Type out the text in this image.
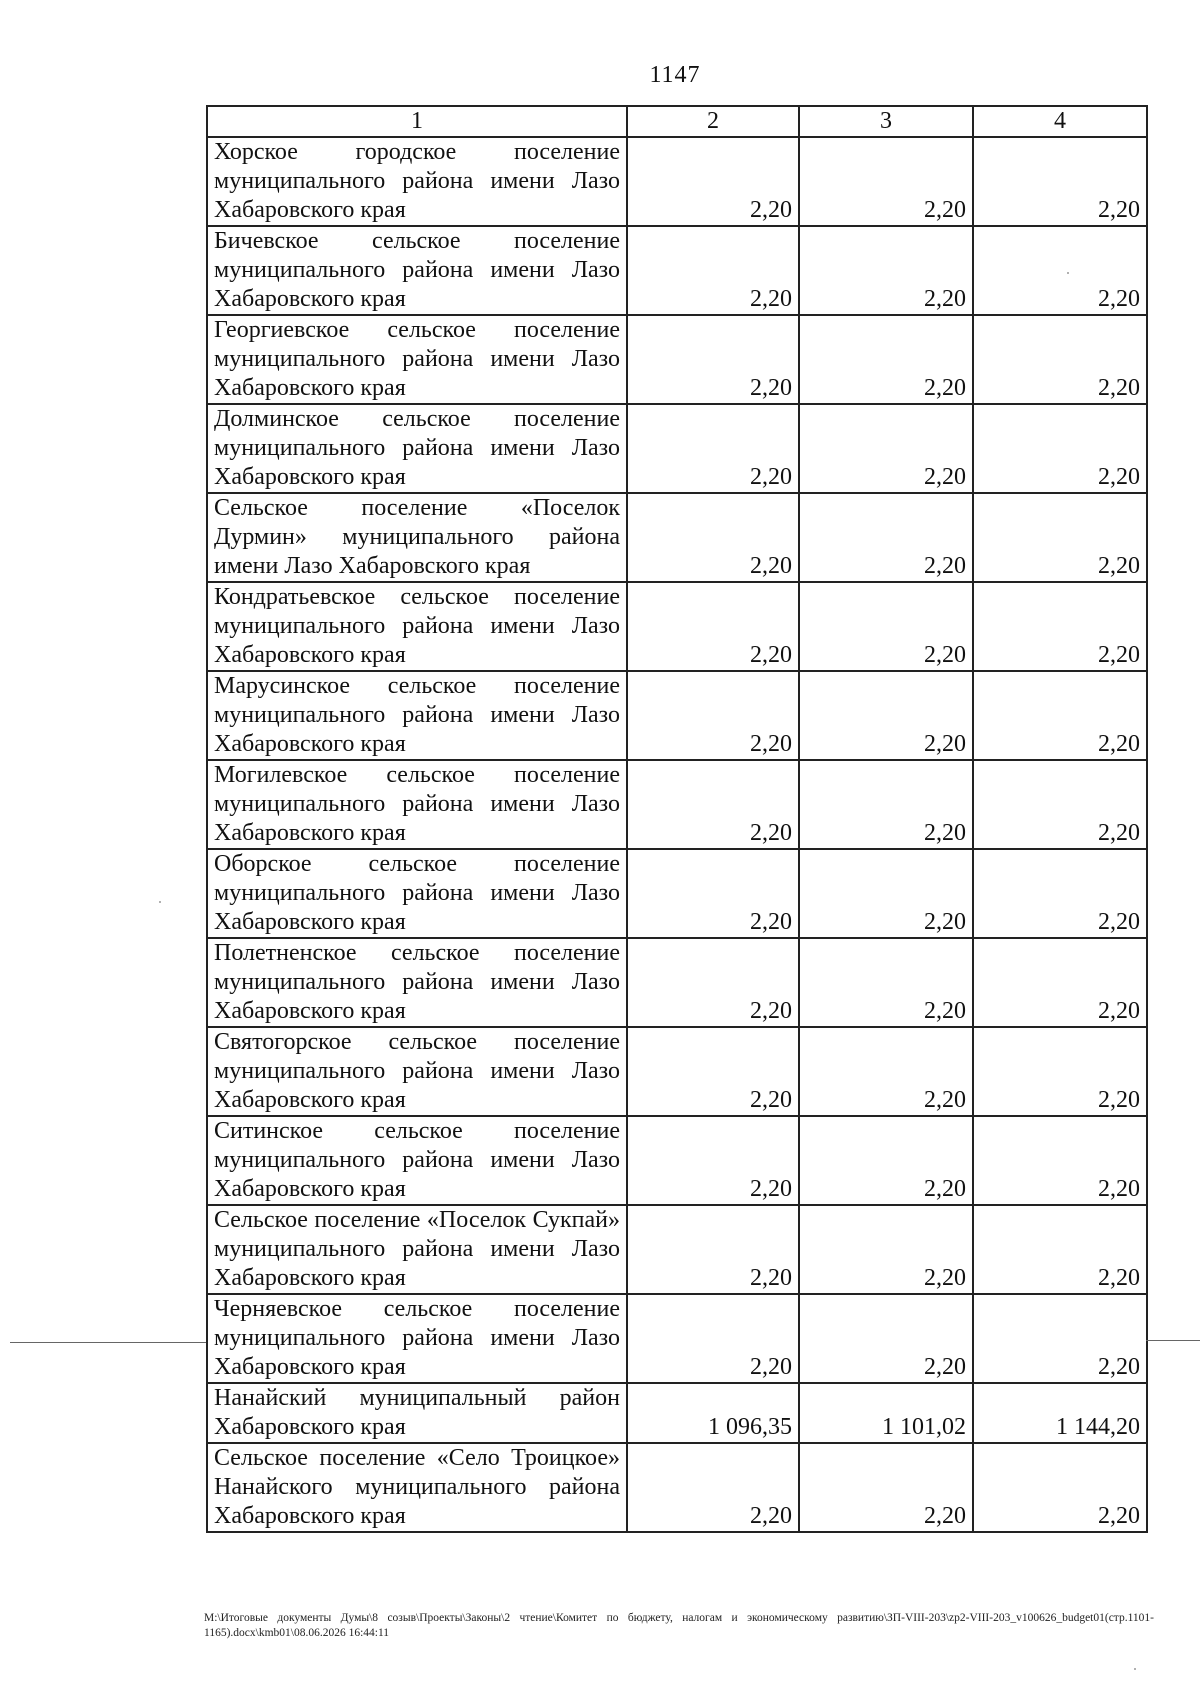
1147
1	2	3	4
Хорское городское поселение муниципального района имени Лазо Хабаровского края	2,20	2,20	2,20
Бичевское сельское поселение муниципального района имени Лазо Хабаровского края	2,20	2,20	2,20
Георгиевское сельское поселение муниципального района имени Лазо Хабаровского края	2,20	2,20	2,20
Долминское сельское поселение муниципального района имени Лазо Хабаровского края	2,20	2,20	2,20
Сельское поселение «Поселок Дурмин» муниципального района имени Лазо Хабаровского края	2,20	2,20	2,20
Кондратьевское сельское поселение муниципального района имени Лазо Хабаровского края	2,20	2,20	2,20
Марусинское сельское поселение муниципального района имени Лазо Хабаровского края	2,20	2,20	2,20
Могилевское сельское поселение муниципального района имени Лазо Хабаровского края	2,20	2,20	2,20
Оборское сельское поселение муниципального района имени Лазо Хабаровского края	2,20	2,20	2,20
Полетненское сельское поселение муниципального района имени Лазо Хабаровского края	2,20	2,20	2,20
Святогорское сельское поселение муниципального района имени Лазо Хабаровского края	2,20	2,20	2,20
Ситинское сельское поселение муниципального района имени Лазо Хабаровского края	2,20	2,20	2,20
Сельское поселение «Поселок Сукпай» муниципального района имени Лазо Хабаровского края	2,20	2,20	2,20
Черняевское сельское поселение муниципального района имени Лазо Хабаровского края	2,20	2,20	2,20
Нанайский муниципальный район Хабаровского края	1 096,35	1 101,02	1 144,20
Сельское поселение «Село Троицкое» Нанайского муниципального района Хабаровского края	2,20	2,20	2,20
M:\Итоговые документы Думы\8 созыв\Проекты\Законы\2 чтение\Комитет по бюджету, налогам и экономическому развитию\ЗП-VIII-203\zp2-VIII-203_v100626_budget01(стр.1101-1165).docx\kmb01\08.06.2026 16:44:11
